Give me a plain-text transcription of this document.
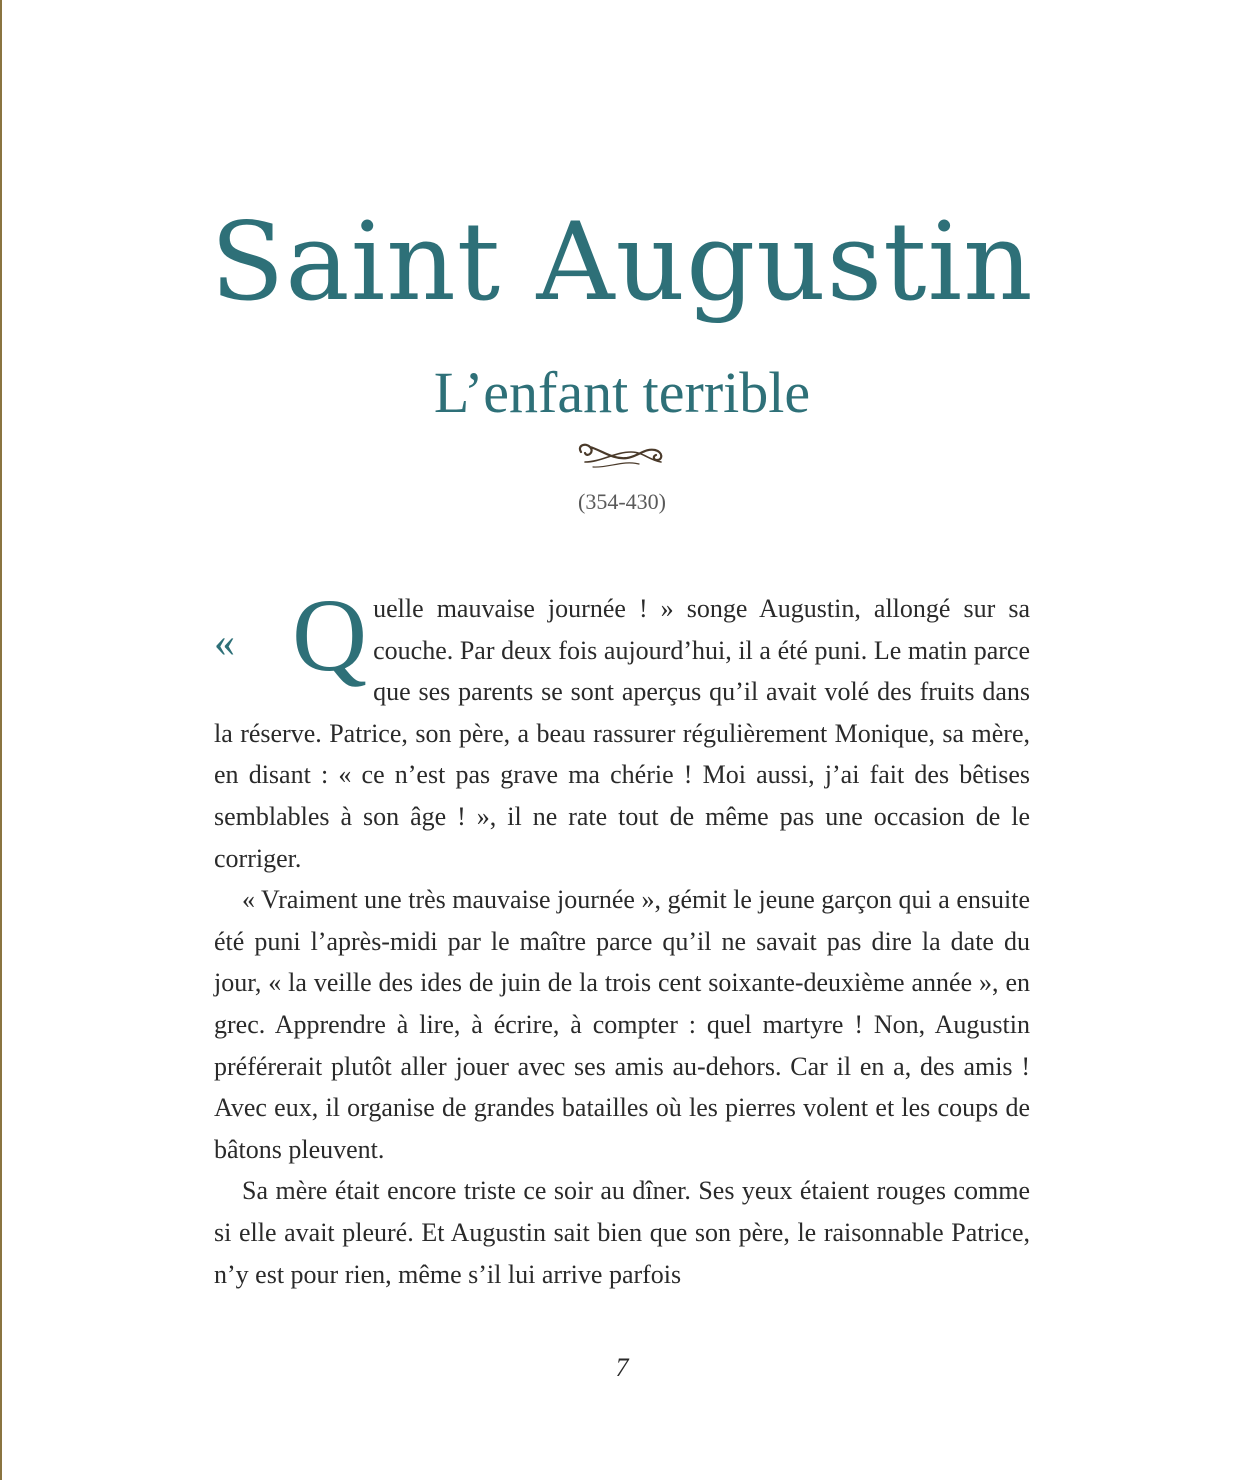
Saint Augustin
L’enfant terrible
(354-430)

« Q uelle mauvaise journée ! » songe Augustin, allongé sur sa couche. Par deux fois aujourd’hui, il a été puni. Le matin parce que ses parents se sont aperçus qu’il avait volé des fruits dans la réserve. Patrice, son père, a beau rassurer régulièrement Monique, sa mère, en disant : « ce n’est pas grave ma chérie ! Moi aussi, j’ai fait des bêtises semblables à son âge ! », il ne rate tout de même pas une occasion de le corriger.

« Vraiment une très mauvaise journée », gémit le jeune garçon qui a ensuite été puni l’après-midi par le maître parce qu’il ne savait pas dire la date du jour, « la veille des ides de juin de la trois cent soixante-deuxième année », en grec. Apprendre à lire, à écrire, à compter : quel martyre ! Non, Augustin préférerait plutôt aller jouer avec ses amis au-dehors. Car il en a, des amis ! Avec eux, il organise de grandes batailles où les pierres volent et les coups de bâtons pleuvent.

Sa mère était encore triste ce soir au dîner. Ses yeux étaient rouges comme si elle avait pleuré. Et Augustin sait bien que son père, le raisonnable Patrice, n’y est pour rien, même s’il lui arrive parfois

7
